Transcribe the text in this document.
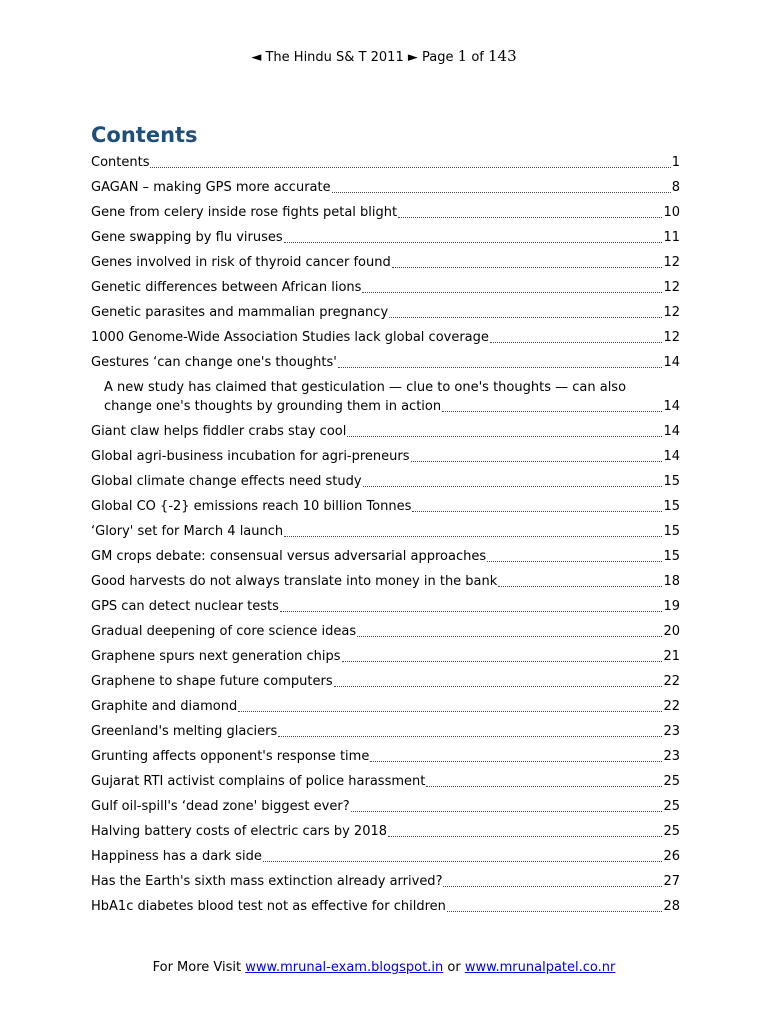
◄ The Hindu S& T 2011 ► Page 1 of 143
Contents
Contents	1
GAGAN – making GPS more accurate	8
Gene from celery inside rose fights petal blight	10
Gene swapping by flu viruses	11
Genes involved in risk of thyroid cancer found	12
Genetic differences between African lions	12
Genetic parasites and mammalian pregnancy	12
1000 Genome-Wide Association Studies lack global coverage	12
Gestures ‘can change one's thoughts'	14
A new study has claimed that gesticulation — clue to one's thoughts — can also
change one's thoughts by grounding them in action	14
Giant claw helps fiddler crabs stay cool	14
Global agri-business incubation for agri-preneurs	14
Global climate change effects need study	15
Global CO {-2} emissions reach 10 billion Tonnes	15
‘Glory' set for March 4 launch	15
GM crops debate: consensual versus adversarial approaches	15
Good harvests do not always translate into money in the bank	18
GPS can detect nuclear tests	19
Gradual deepening of core science ideas	20
Graphene spurs next generation chips	21
Graphene to shape future computers	22
Graphite and diamond	22
Greenland's melting glaciers	23
Grunting affects opponent's response time	23
Gujarat RTI activist complains of police harassment	25
Gulf oil-spill's ‘dead zone' biggest ever?	25
Halving battery costs of electric cars by 2018	25
Happiness has a dark side	26
Has the Earth's sixth mass extinction already arrived?	27
HbA1c diabetes blood test not as effective for children	28
For More Visit www.mrunal-exam.blogspot.in or www.mrunalpatel.co.nr
